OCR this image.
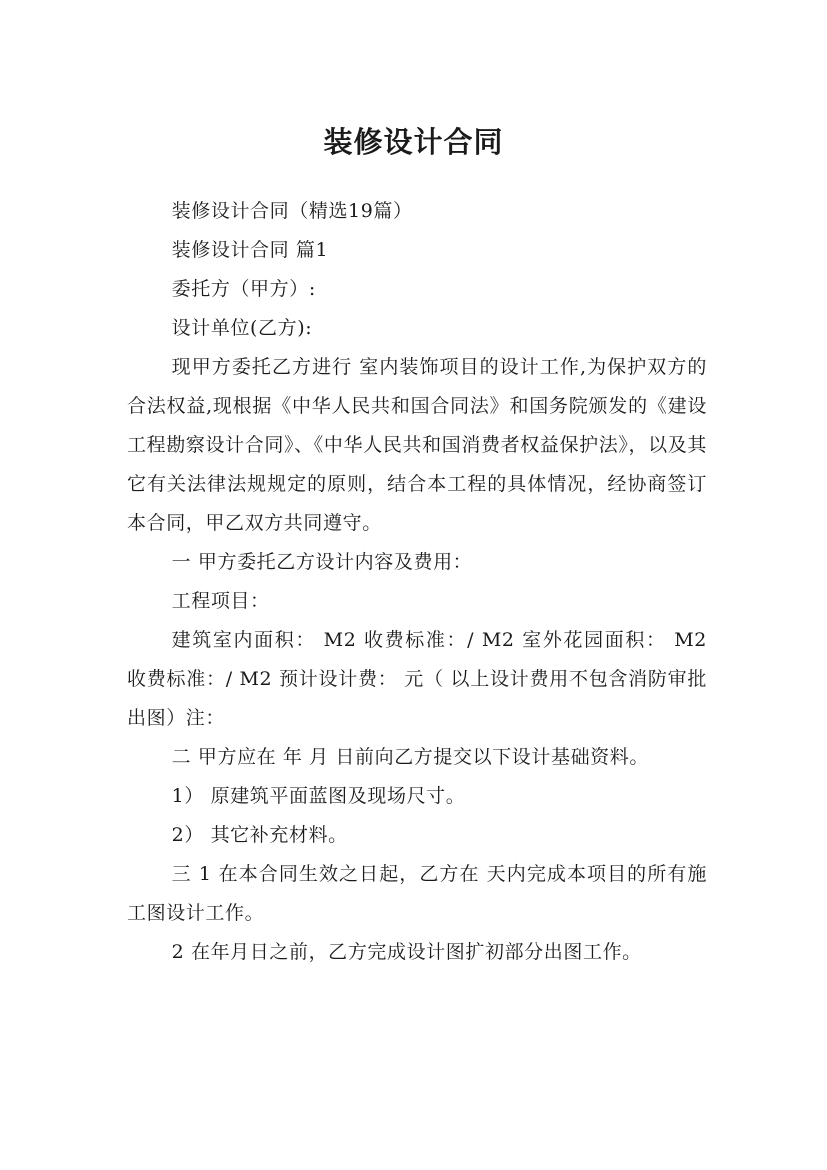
装修设计合同

装修设计合同（精选19篇）

装修设计合同 篇1

委托方（甲方）:

设计单位(乙方):

现甲方委托乙方进行 室内装饰项目的设计工作,为保护双方的合法权益,现根据《中华人民共和国合同法》和国务院颁发的《建设工程勘察设计合同》、《中华人民共和国消费者权益保护法》，以及其它有关法律法规规定的原则，结合本工程的具体情况，经协商签订本合同，甲乙双方共同遵守。

一 甲方委托乙方设计内容及费用：

工程项目：

建筑室内面积： M2 收费标准：/ M2 室外花园面积： M2 收费标准：/ M2 预计设计费： 元（ 以上设计费用不包含消防审批出图）注：

二 甲方应在 年 月 日前向乙方提交以下设计基础资料。

1） 原建筑平面蓝图及现场尺寸。

2） 其它补充材料。

三 1 在本合同生效之日起，乙方在 天内完成本项目的所有施工图设计工作。

2 在年月日之前，乙方完成设计图扩初部分出图工作。
